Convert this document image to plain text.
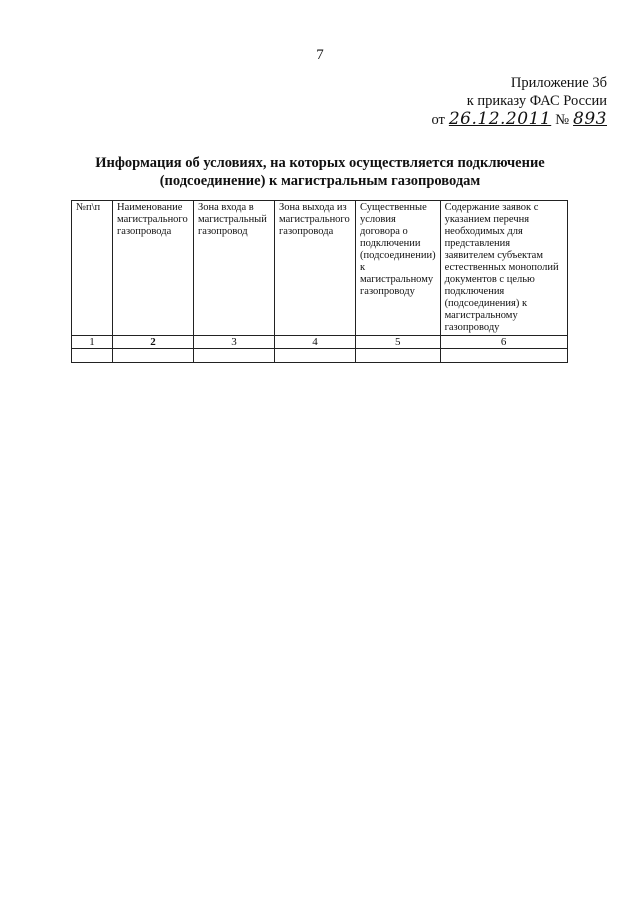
7
Приложение 3б
к приказу ФАС России
от 26.12.2011 № 893
Информация об условиях, на которых осуществляется подключение
(подсоединение) к магистральным газопроводам
№п\п	Наименование магистрального газопровода	Зона входа в магистральный газопровод	Зона выхода из магистрального газопровода	Существенные условия договора о подключении (подсоединении) к магистральному газопроводу	Содержание заявок с указанием перечня необходимых для представления заявителем субъектам естественных монополий документов с целью подключения (подсоединения) к магистральному газопроводу
1	2	3	4	5	6
